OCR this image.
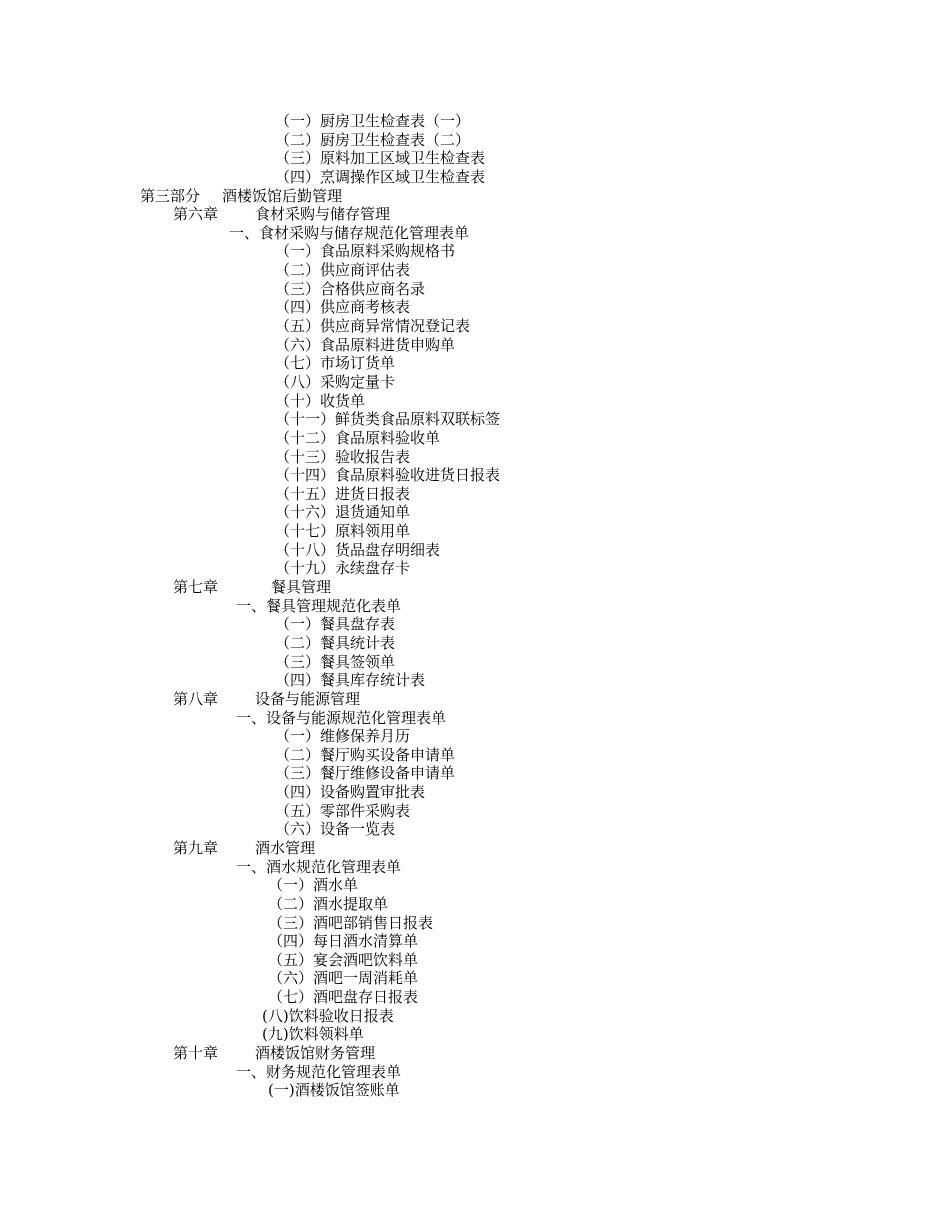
（一）厨房卫生检查表（一）
（二）厨房卫生检查表（二）
（三）原料加工区域卫生检查表
（四）烹调操作区域卫生检查表
第三部分 酒楼饭馆后勤管理
第六章 食材采购与储存管理
一、食材采购与储存规范化管理表单
（一）食品原料采购规格书
（二）供应商评估表
（三）合格供应商名录
（四）供应商考核表
（五）供应商异常情况登记表
（六）食品原料进货申购单
（七）市场订货单
（八）采购定量卡
（十）收货单
（十一）鲜货类食品原料双联标签
（十二）食品原料验收单
（十三）验收报告表
（十四）食品原料验收进货日报表
（十五）进货日报表
（十六）退货通知单
（十七）原料领用单
（十八）货品盘存明细表
（十九）永续盘存卡
第七章	餐具管理
一、餐具管理规范化表单
（一）餐具盘存表
（二）餐具统计表
（三）餐具签领单
（四）餐具库存统计表
第八章 设备与能源管理
一、设备与能源规范化管理表单
（一）维修保养月历
（二）餐厅购买设备申请单
（三）餐厅维修设备申请单
（四）设备购置审批表
（五）零部件采购表
（六）设备一览表
第九章 酒水管理
一、酒水规范化管理表单
（一）酒水单
（二）酒水提取单
（三）酒吧部销售日报表
（四）每日酒水清算单
（五）宴会酒吧饮料单
（六）酒吧一周消耗单
（七）酒吧盘存日报表
(八)饮料验收日报表
(九)饮料领料单
第十章 酒楼饭馆财务管理
一、财务规范化管理表单
(一)酒楼饭馆签账单
